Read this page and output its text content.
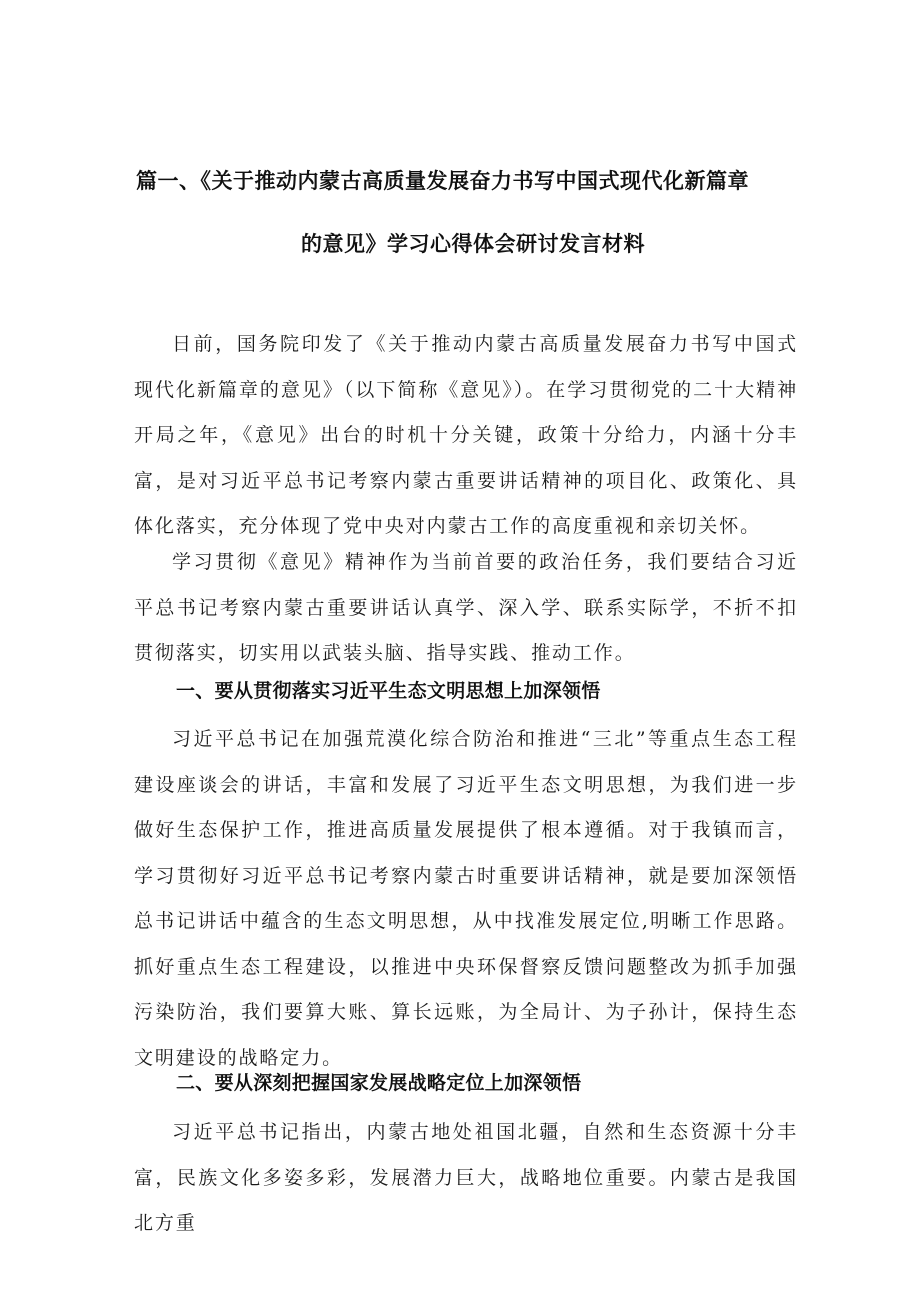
篇一、《关于推动内蒙古高质量发展奋力书写中国式现代化新篇章
的意见》学习心得体会研讨发言材料

日前，国务院印发了《关于推动内蒙古高质量发展奋力书写中国式现代化新篇章的意见》（以下简称《意见》）。在学习贯彻党的二十大精神开局之年，《意见》出台的时机十分关键，政策十分给力，内涵十分丰富，是对习近平总书记考察内蒙古重要讲话精神的项目化、政策化、具体化落实，充分体现了党中央对内蒙古工作的高度重视和亲切关怀。

学习贯彻《意见》精神作为当前首要的政治任务，我们要结合习近平总书记考察内蒙古重要讲话认真学、深入学、联系实际学，不折不扣贯彻落实，切实用以武装头脑、指导实践、推动工作。

一、要从贯彻落实习近平生态文明思想上加深领悟

习近平总书记在加强荒漠化综合防治和推进“三北”等重点生态工程建设座谈会的讲话，丰富和发展了习近平生态文明思想，为我们进一步做好生态保护工作，推进高质量发展提供了根本遵循。对于我镇而言，学习贯彻好习近平总书记考察内蒙古时重要讲话精神，就是要加深领悟总书记讲话中蕴含的生态文明思想，从中找准发展定位,明晰工作思路。抓好重点生态工程建设，以推进中央环保督察反馈问题整改为抓手加强污染防治，我们要算大账、算长远账，为全局计、为子孙计，保持生态文明建设的战略定力。

二、要从深刻把握国家发展战略定位上加深领悟

习近平总书记指出，内蒙古地处祖国北疆，自然和生态资源十分丰富，民族文化多姿多彩，发展潜力巨大，战略地位重要。内蒙古是我国北方重
